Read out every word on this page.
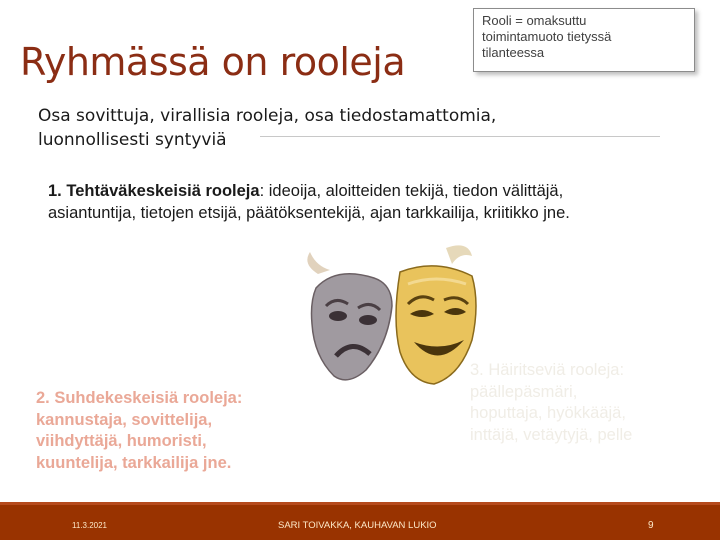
Ryhmässä on rooleja
Rooli = omaksuttu
toimintamuoto tietyssä
tilanteessa
Osa sovittuja, virallisia rooleja, osa tiedostamattomia,
luonnollisesti syntyviä
1. Tehtäväkeskeisiä rooleja: ideoija, aloitteiden tekijä, tiedon välittäjä,
asiantuntija, tietojen etsijä, päätöksentekijä, ajan tarkkailija, kriitikko jne.
2. Suhdekeskeisiä rooleja:
kannustaja, sovittelija,
viihdyttäjä, humoristi,
kuuntelija, tarkkailija jne.
3. Häiritseviä rooleja:
päällepäsmäri,
hoputtaja, hyökkääjä,
inttäjä, vetäytyjä, pelle
11.3.2021	SARI TOIVAKKA, KAUHAVAN LUKIO	9
